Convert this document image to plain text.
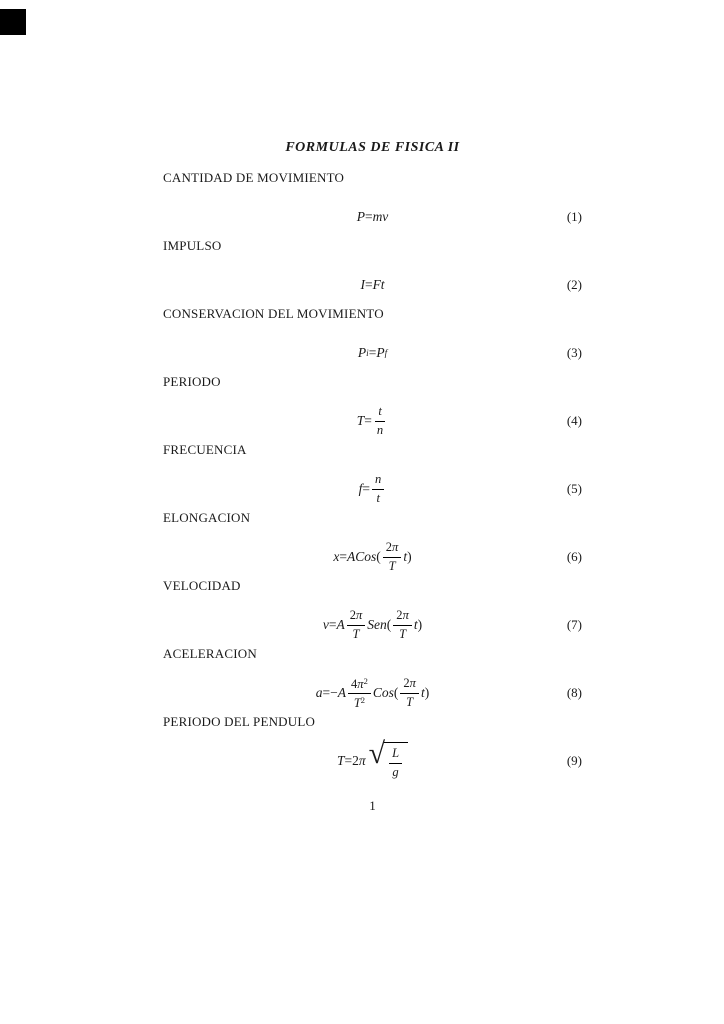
FORMULAS DE FISICA II
CANTIDAD DE MOVIMIENTO
P = mv	(1)
IMPULSO
I = Ft	(2)
CONSERVACION DEL MOVIMIENTO
P i = P f	(3)
PERIODO
$T = \frac{t}{n}$	(4)
FRECUENCIA
$f = \frac{n}{t}$	(5)
ELONGACION
x = ACos ( $\frac{2\pi}{T}$ t )	(6)
VELOCIDAD
v = A $\frac{2\pi}{T}$ Sen ( $\frac{2\pi}{T}$ t )	(7)
ACELERACION
a = − A $\frac{4\pi^2}{T^2}$ Cos ( $\frac{2\pi}{T}$ t )	(8)
PERIODO DEL PENDULO
T = 2 π √ $\frac{L}{g}$	(9)
1
